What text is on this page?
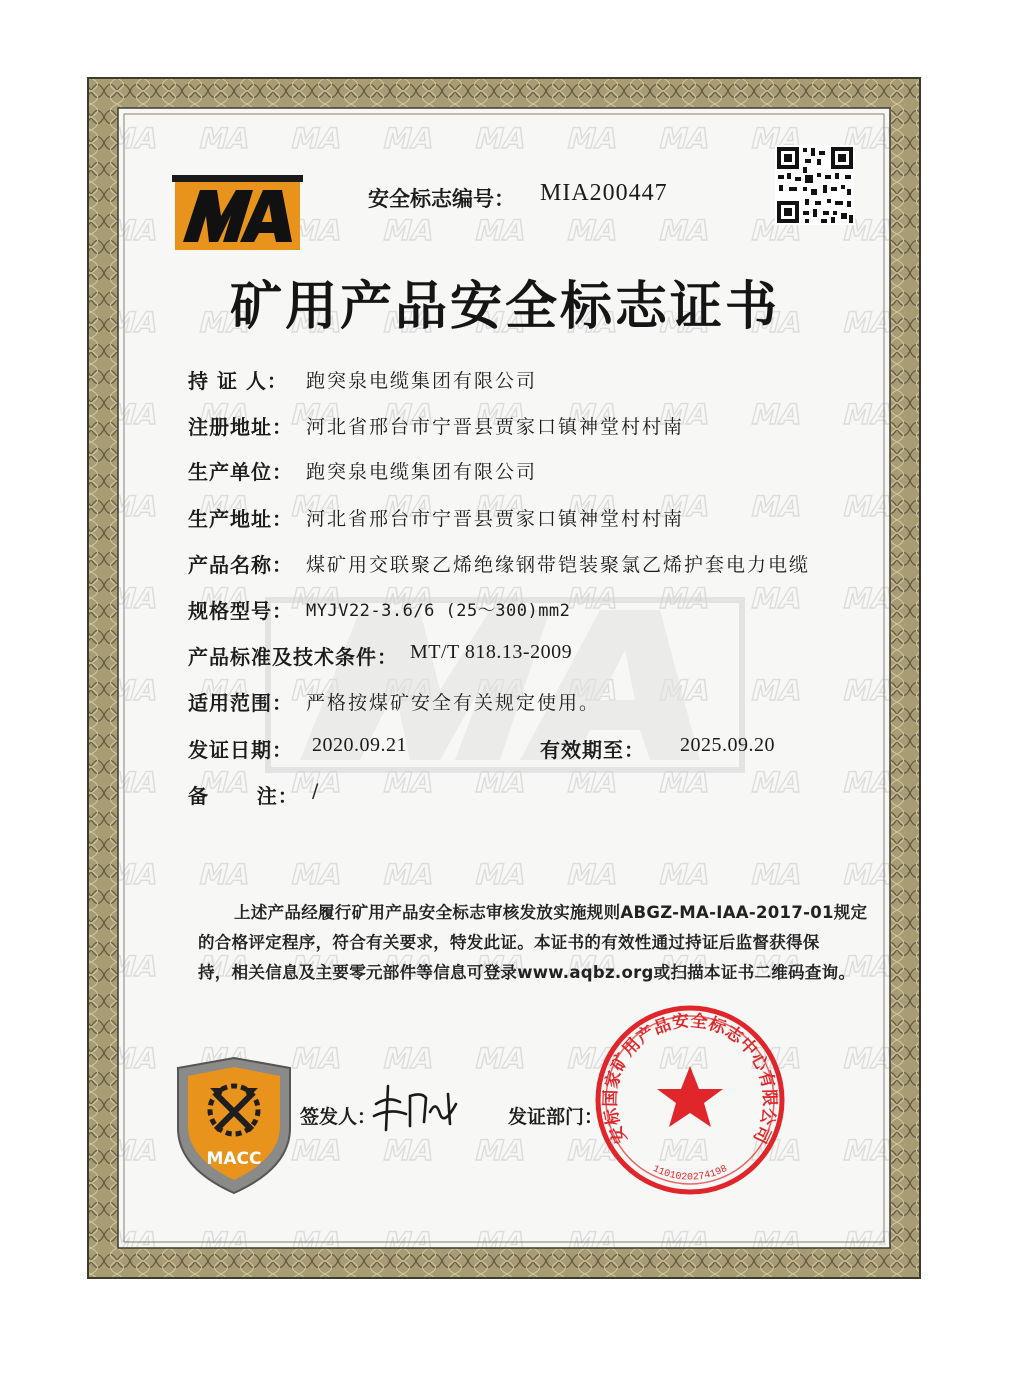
MACC
安标国家矿用产品安全标志中心有限公司
1101020274198
安全标志编号： MIA200447
矿用产品安全标志证书
持 证 人： 跑突泉电缆集团有限公司
注册地址： 河北省邢台市宁晋县贾家口镇神堂村村南
生产单位： 跑突泉电缆集团有限公司
生产地址： 河北省邢台市宁晋县贾家口镇神堂村村南
产品名称： 煤矿用交联聚乙烯绝缘钢带铠装聚氯乙烯护套电力电缆
规格型号： MYJV22-3.6/6 (25～300)mm2
产品标准及技术条件： MT/T 818.13-2009
适用范围： 严格按煤矿安全有关规定使用。
发证日期： 2020.09.21	有效期至： 2025.09.20
备      注： /
上述产品经履行矿用产品安全标志审核发放实施规则ABGZ-MA-IAA-2017-01规定
的合格评定程序，符合有关要求，特发此证。本证书的有效性通过持证后监督获得保
持，相关信息及主要零元部件等信息可登录www.aqbz.org或扫描本证书二维码查询。
签发人：	发证部门：
